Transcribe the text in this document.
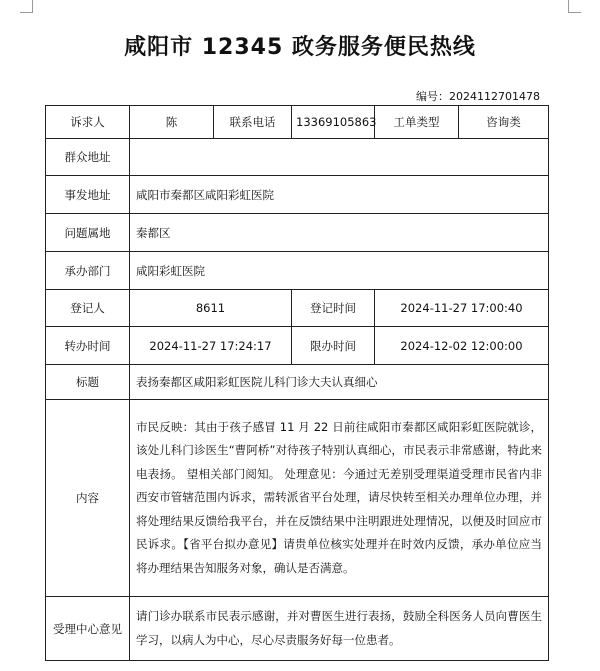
咸阳市 12345 政务服务便民热线
编号：2024112701478
诉求人	陈	联系电话	13369105863	工单类型	咨询类
群众地址					
事发地址	咸阳市秦都区咸阳彩虹医院				
问题属地	秦都区				
承办部门	咸阳彩虹医院				
登记人	8611		登记时间	2024-11-27 17:00:40	
转办时间	2024-11-27 17:24:17		限办时间	2024-12-02 12:00:00	
标题	表扬秦都区咸阳彩虹医院儿科门诊大夫认真细心				
内容	市民反映：其由于孩子感冒 11 月 22 日前往咸阳市秦都区咸阳彩虹医院就诊，该处儿科门诊医生“曹阿桥”对待孩子特别认真细心，市民表示非常感谢，特此来电表扬。 望相关部门阅知。 处理意见：今通过无差别受理渠道受理市民省内非西安市管辖范围内诉求，需转派省平台处理，请尽快转至相关办理单位办理，并将处理结果反馈给我平台，并在反馈结果中注明跟进处理情况，以便及时回应市民诉求。【省平台拟办意见】请贵单位核实处理并在时效内反馈，承办单位应当将办理结果告知服务对象，确认是否满意。				
受理中心意见	请门诊办联系市民表示感谢，并对曹医生进行表扬，鼓励全科医务人员向曹医生学习，以病人为中心，尽心尽责服务好每一位患者。				
